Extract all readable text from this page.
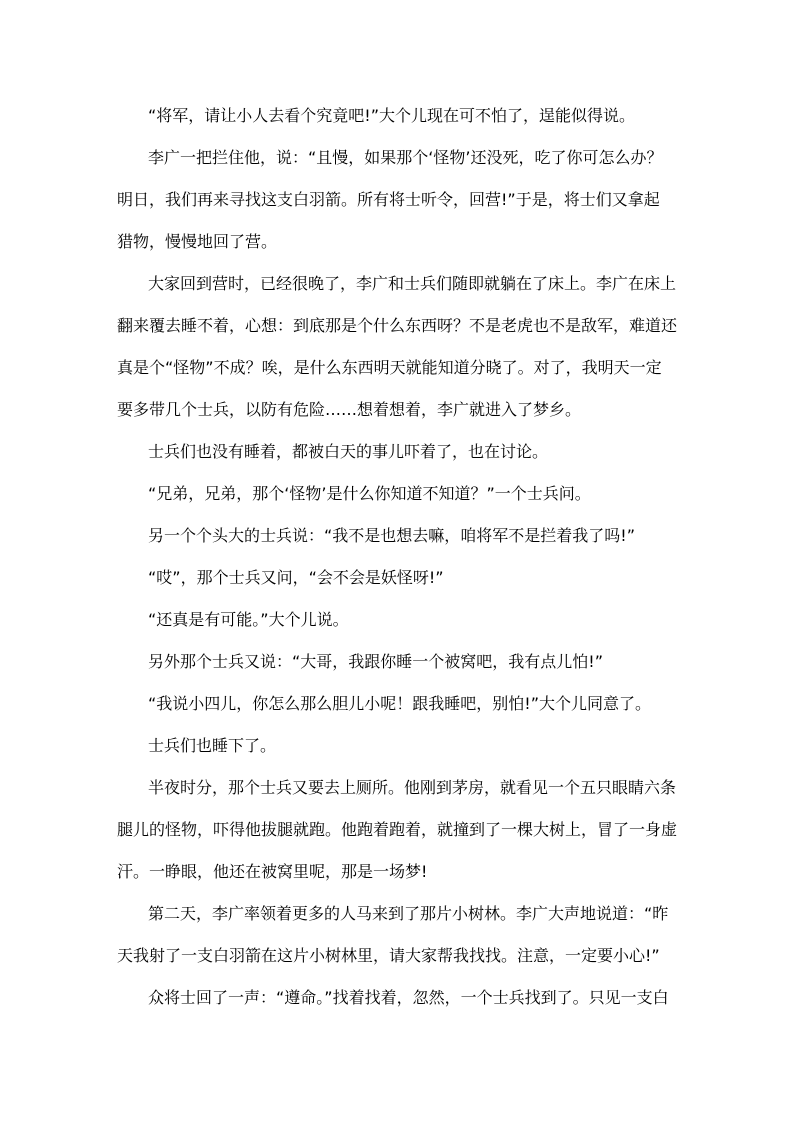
“将军，请让小人去看个究竟吧!”大个儿现在可不怕了，逞能似得说。
李广一把拦住他，说：“且慢，如果那个‘怪物’还没死，吃了你可怎么办？
明日，我们再来寻找这支白羽箭。所有将士听令，回营!”于是，将士们又拿起
猎物，慢慢地回了营。
大家回到营时，已经很晚了，李广和士兵们随即就躺在了床上。李广在床上
翻来覆去睡不着，心想：到底那是个什么东西呀？不是老虎也不是敌军，难道还
真是个“怪物”不成？唉，是什么东西明天就能知道分晓了。对了，我明天一定
要多带几个士兵，以防有危险……想着想着，李广就进入了梦乡。
士兵们也没有睡着，都被白天的事儿吓着了，也在讨论。
“兄弟，兄弟，那个‘怪物’是什么你知道不知道？”一个士兵问。
另一个个头大的士兵说：“我不是也想去嘛，咱将军不是拦着我了吗!”
“哎”，那个士兵又问，“会不会是妖怪呀!”
“还真是有可能。”大个儿说。
另外那个士兵又说：“大哥，我跟你睡一个被窝吧，我有点儿怕!”
“我说小四儿，你怎么那么胆儿小呢！跟我睡吧，别怕!”大个儿同意了。
士兵们也睡下了。
半夜时分，那个士兵又要去上厕所。他刚到茅房，就看见一个五只眼睛六条
腿儿的怪物，吓得他拔腿就跑。他跑着跑着，就撞到了一棵大树上，冒了一身虚
汗。一睁眼，他还在被窝里呢，那是一场梦!
第二天，李广率领着更多的人马来到了那片小树林。李广大声地说道：“昨
天我射了一支白羽箭在这片小树林里，请大家帮我找找。注意，一定要小心!”
众将士回了一声：“遵命。”找着找着，忽然，一个士兵找到了。只见一支白
